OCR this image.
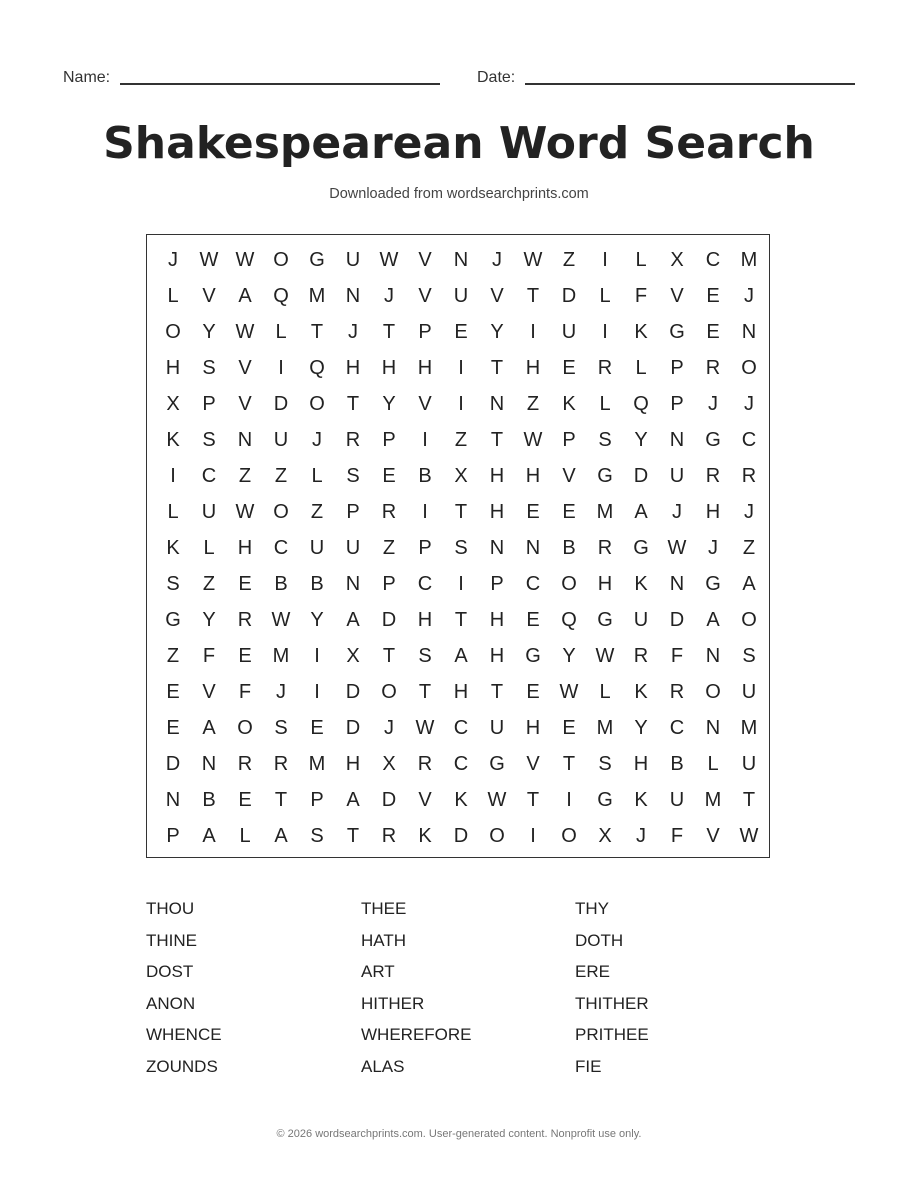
Name:	Date:
Shakespearean Word Search
Downloaded from wordsearchprints.com
J	W W O	G	U W V	N	J	W	Z	I	L	X	C	M
L	V	A	Q M	N	J	V	U	V	T	D	L	F	V	E	J
O	Y W	L	T	J	T	P	E	Y	I	U	I	K	G	E	N
H	S	V	I	Q	H	H	H	I	T	H	E	R	L	P	R	O
X	P	V	D	O	T	Y	V	I	N	Z	K	L	Q	P	J	J
K	S	N	U	J	R	P	I	Z	T	W P	S	Y	N	G	C
I	C	Z	Z	L	S	E	B	X	H	H	V	G	D	U	R	R
L	U W O	Z	P	R	I	T	H	E	E	M	A	J	H	J
K	L	H	C	U	U	Z	P	S	N	N	B	R	G W	J	Z
S	Z	E	B	B	N	P	C	I	P	C	O	H	K	N	G	A
G	Y	R W Y	A	D	H	T	H	E	Q	G	U	D	A	O
Z	F	E	M	I	X	T	S	A	H	G	Y W R	F	N	S
E	V	F	J	I	D	O	T	H	T	E W	L	K	R	O	U
E	A	O	S	E	D	J	W C	U	H	E	M	Y	C	N	M
D	N	R	R	M	H	X	R	C	G	V	T	S	H	B	L	U
N	B	E	T	P	A	D	V	K W	T	I	G	K	U	M	T
P	A	L	A	S	T	R	K	D	O	I	O	X	J	F	V W
THOU	THEE	THY
THINE	HATH	DOTH
DOST	ART	ERE
ANON	HITHER	THITHER
WHENCE	WHEREFORE	PRITHEE
ZOUNDS	ALAS	FIE
© 2026 wordsearchprints.com. User-generated content. Nonprofit use only.
